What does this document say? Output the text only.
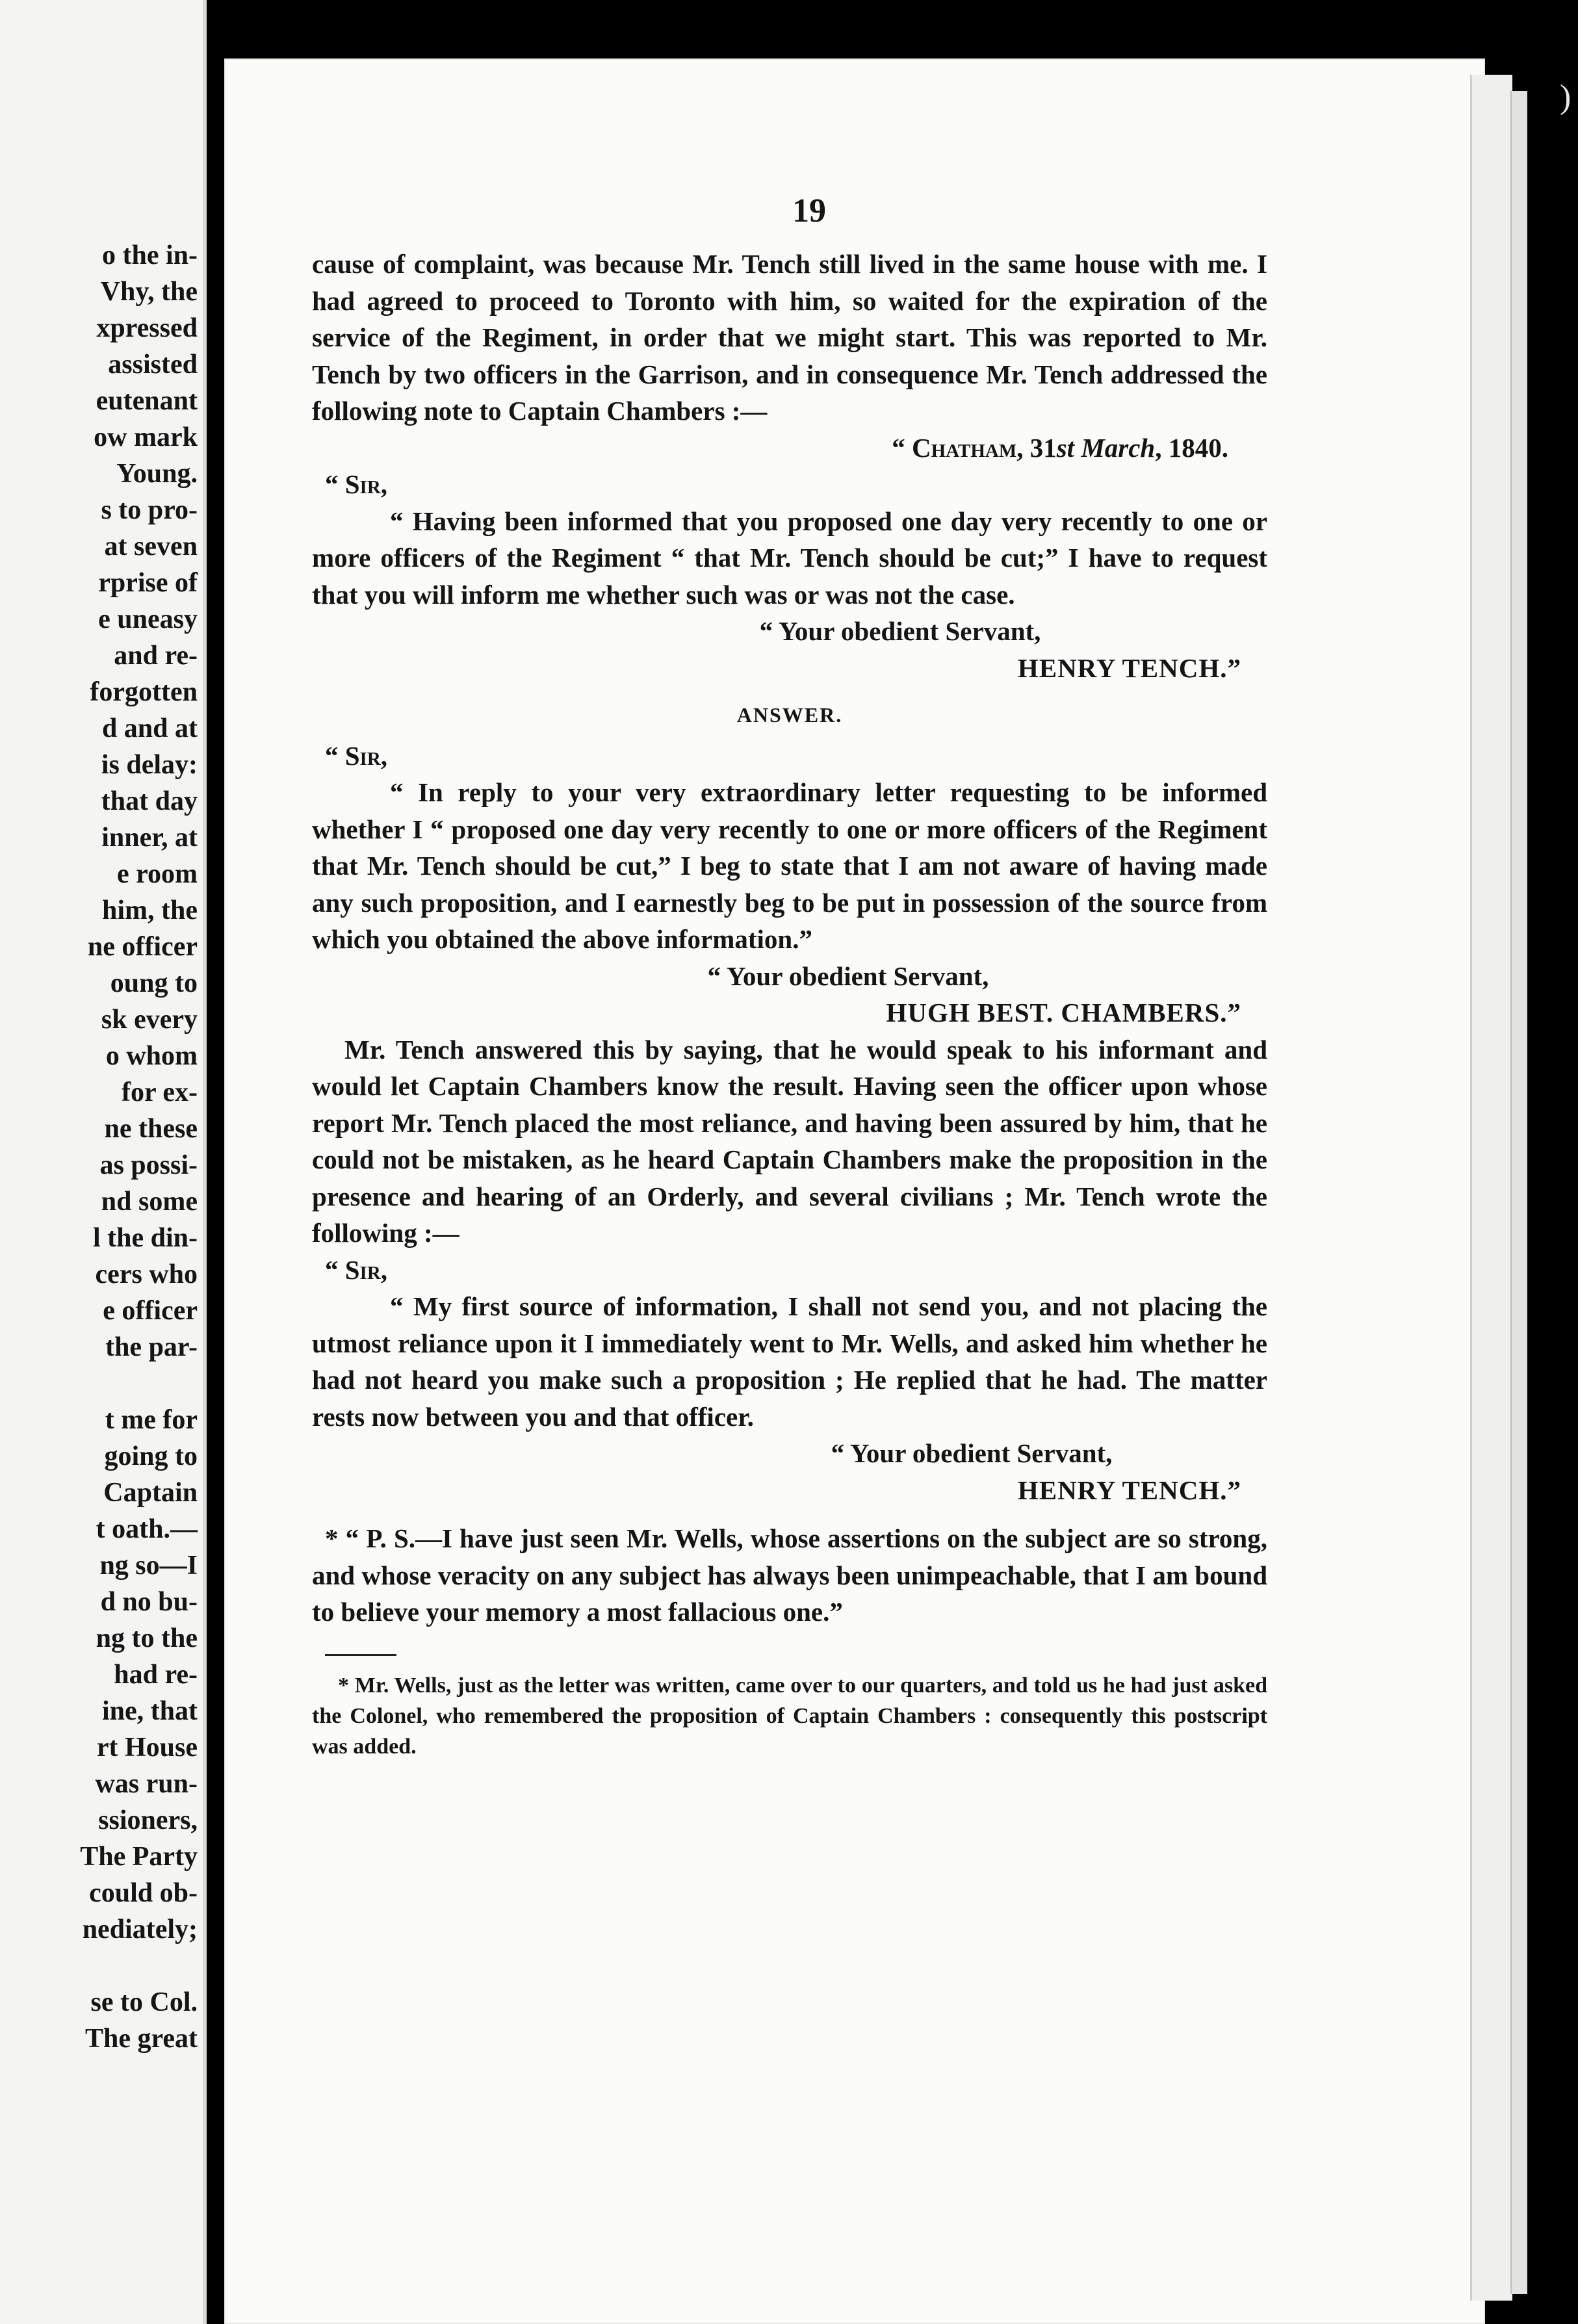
o the in-
Vhy, the
xpressed
assisted
eutenant
ow mark
Young.
s to pro-
at seven
rprise of
e uneasy
and re-
forgotten
d and at
is delay:
that day
inner, at
e room
him, the
ne officer
oung to
sk every
o whom
for ex-
ne these
as possi-
nd some
l the din-
cers who
e officer
the par-

t me for
going to
Captain
t oath.—
ng so—I
d no bu-
ng to the
had re-
ine, that
rt House
was run-
ssioners,
The Party
could ob-
nediately;

se to Col.
The great
)
19

cause of complaint, was because Mr. Tench still lived in the same house with me. I had agreed to proceed to Toronto with him, so waited for the expiration of the service of the Regiment, in order that we might start. This was reported to Mr. Tench by two officers in the Garrison, and in consequence Mr. Tench addressed the following note to Captain Chambers :—

“ Chatham, 31st March, 1840.

“ Sir,

“ Having been informed that you proposed one day very recently to one or more officers of the Regiment “ that Mr. Tench should be cut;” I have to request that you will inform me whether such was or was not the case.

“ Your obedient Servant,

HENRY TENCH.”

ANSWER.

“ Sir,

“ In reply to your very extraordinary letter requesting to be informed whether I “ proposed one day very recently to one or more officers of the Regiment that Mr. Tench should be cut,” I beg to state that I am not aware of having made any such proposition, and I earnestly beg to be put in possession of the source from which you obtained the above information.”

“ Your obedient Servant,

HUGH BEST. CHAMBERS.”

Mr. Tench answered this by saying, that he would speak to his informant and would let Captain Chambers know the result. Having seen the officer upon whose report Mr. Tench placed the most reliance, and having been assured by him, that he could not be mistaken, as he heard Captain Chambers make the proposition in the presence and hearing of an Orderly, and several civilians ; Mr. Tench wrote the following :—

“ Sir,

“ My first source of information, I shall not send you, and not placing the utmost reliance upon it I immediately went to Mr. Wells, and asked him whether he had not heard you make such a proposition ; He replied that he had. The matter rests now between you and that officer.

“ Your obedient Servant,

HENRY TENCH.”

* “ P. S.—I have just seen Mr. Wells, whose assertions on the subject are so strong, and whose veracity on any subject has always been unimpeachable, that I am bound to believe your memory a most fallacious one.”

* Mr. Wells, just as the letter was written, came over to our quarters, and told us he had just asked the Colonel, who remembered the proposition of Captain Chambers : consequently this postscript was added.
